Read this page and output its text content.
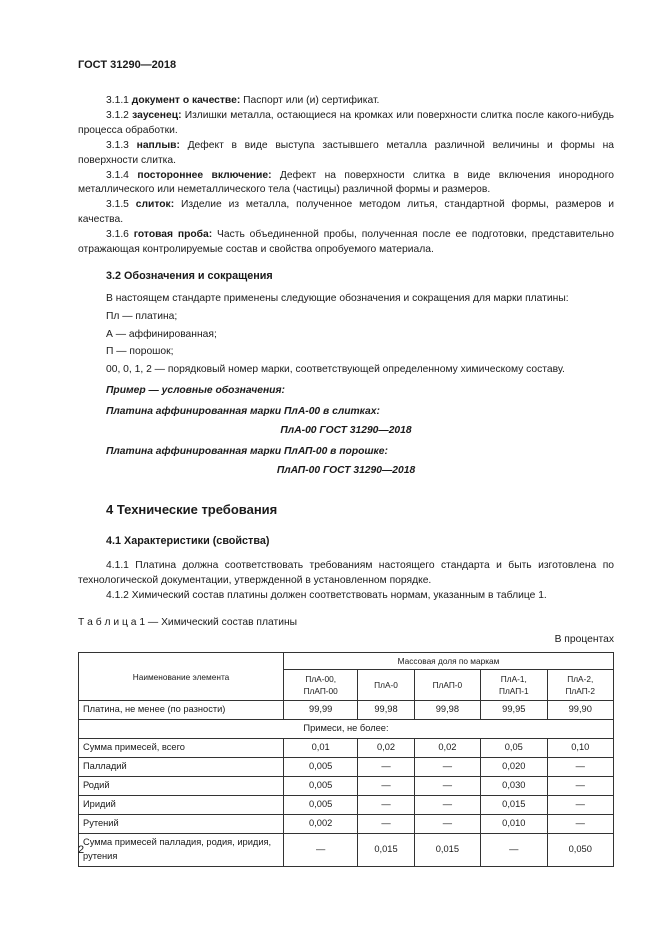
ГОСТ 31290—2018

3.1.1 документ о качестве: Паспорт или (и) сертификат.

3.1.2 заусенец: Излишки металла, остающиеся на кромках или поверхности слитка после какого-нибудь процесса обработки.

3.1.3 наплыв: Дефект в виде выступа застывшего металла различной величины и формы на поверхности слитка.

3.1.4 постороннее включение: Дефект на поверхности слитка в виде включения инородного металлического или неметаллического тела (частицы) различной формы и размеров.

3.1.5 слиток: Изделие из металла, полученное методом литья, стандартной формы, размеров и качества.

3.1.6 готовая проба: Часть объединенной пробы, полученная после ее подготовки, представительно отражающая контролируемые состав и свойства опробуемого материала.

3.2 Обозначения и сокращения
В настоящем стандарте применены следующие обозначения и сокращения для марки платины:
Пл — платина;
А — аффинированная;
П — порошок;
00, 0, 1, 2 — порядковый номер марки, соответствующей определенному химическому составу.
Пример — условные обозначения:
Платина аффинированная марки ПлА-00 в слитках:
ПлА-00 ГОСТ 31290—2018
Платина аффинированная марки ПлАП-00 в порошке:
ПлАП-00 ГОСТ 31290—2018
4 Технические требования
4.1 Характеристики (свойства)

4.1.1 Платина должна соответствовать требованиям настоящего стандарта и быть изготовлена по технологической документации, утвержденной в установленном порядке.

4.1.2 Химический состав платины должен соответствовать нормам, указанным в таблице 1.

Т а б л и ц а 1 — Химический состав платины
В процентах
Наименование элемента	Массовая доля по маркам				
	ПлА-00,
ПлАП-00	ПлА-0	ПлАП-0	ПлА-1,
ПлАП-1	ПлА-2,
ПлАП-2
Платина, не менее (по разности)	99,99	99,98	99,98	99,95	99,90
Примеси, не более:					
Сумма примесей, всего	0,01	0,02	0,02	0,05	0,10
Палладий	0,005	—	—	0,020	—
Родий	0,005	—	—	0,030	—
Иридий	0,005	—	—	0,015	—
Рутений	0,002	—	—	0,010	—
Сумма примесей палладия, родия, иридия, рутения	—	0,015	0,015	—	0,050
2
